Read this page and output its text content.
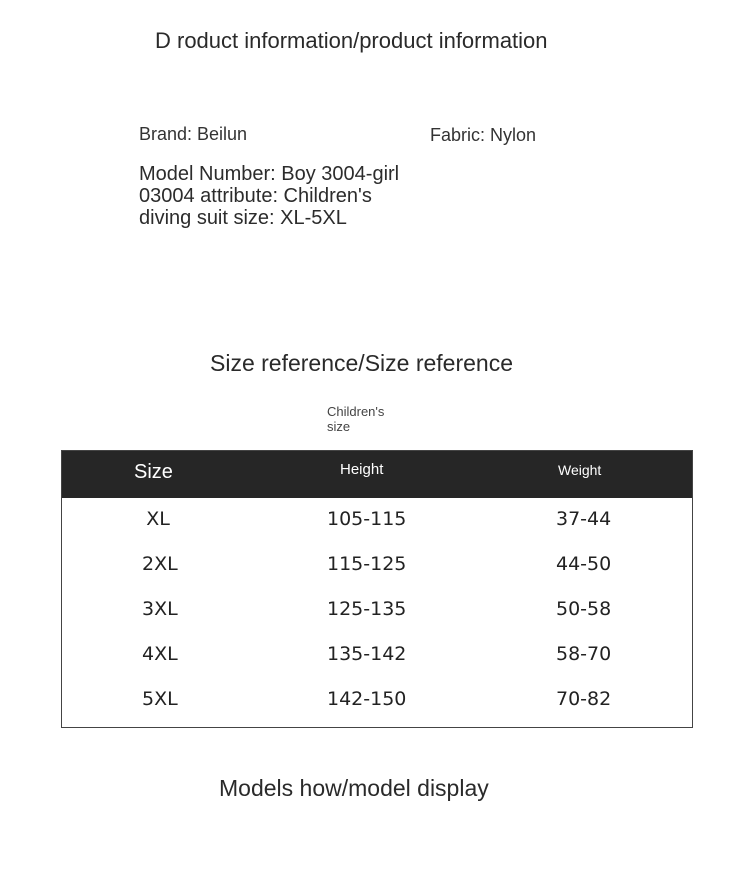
D roduct information/product information
Brand: Beilun	Fabric: Nylon
Model Number: Boy 3004-girl
03004 attribute: Children's
diving suit size: XL-5XL
Size reference/Size reference
Children's size
Size	Height	Weight
XL	105-115	37-44
2XL	115-125	44-50
3XL	125-135	50-58
4XL	135-142	58-70
5XL	142-150	70-82
Models how/model display
